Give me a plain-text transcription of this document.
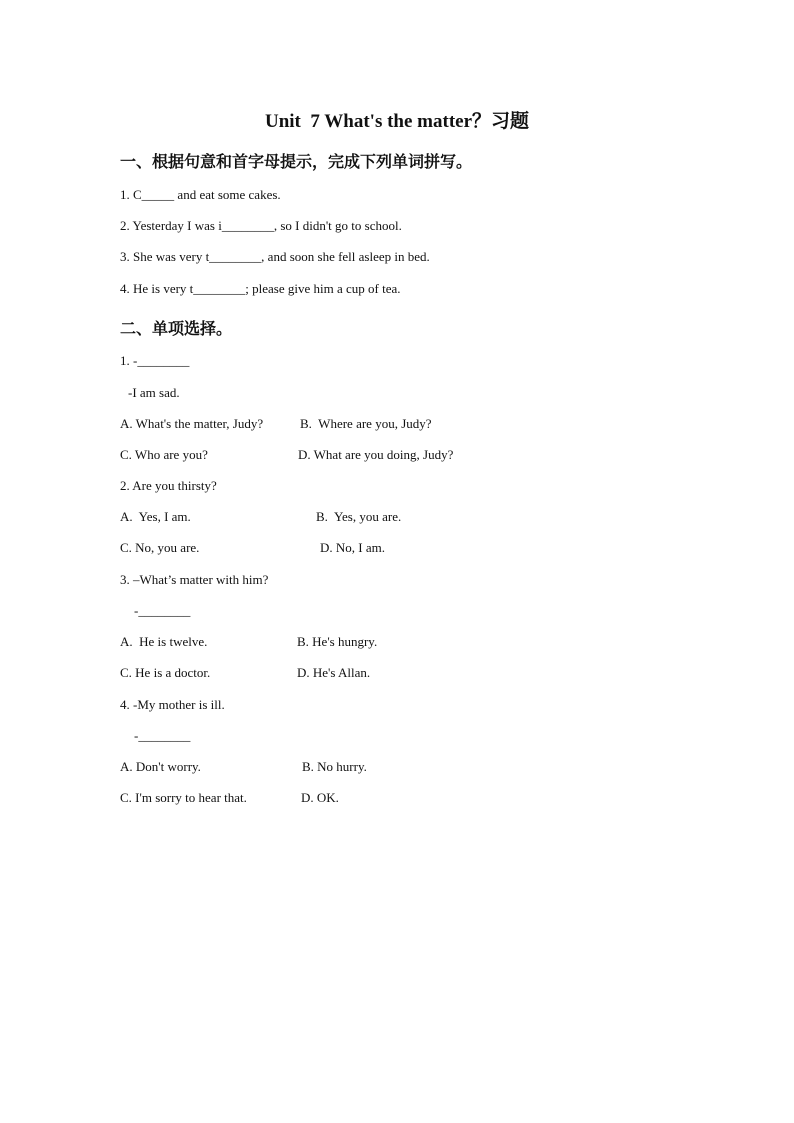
Unit  7 What's the matter？习题
一、根据句意和首字母提示，完成下列单词拼写。
1. C_____ and eat some cakes.
2. Yesterday I was i________, so I didn't go to school.
3. She was very t________, and soon she fell asleep in bed.
4. He is very t________; please give him a cup of tea.
二、单项选择。
1. -________
-I am sad.
A. What's the matter, Judy?	B.  Where are you, Judy?
C. Who are you?	D. What are you doing, Judy?
2. Are you thirsty?
A.  Yes, I am.	B.  Yes, you are.
C. No, you are.	D. No, I am.
3. –What’s matter with him?
-________
A.  He is twelve.	B. He's hungry.
C. He is a doctor.	D. He's Allan.
4. -My mother is ill.
-________
A. Don't worry.	B. No hurry.
C. I'm sorry to hear that.	D. OK.
